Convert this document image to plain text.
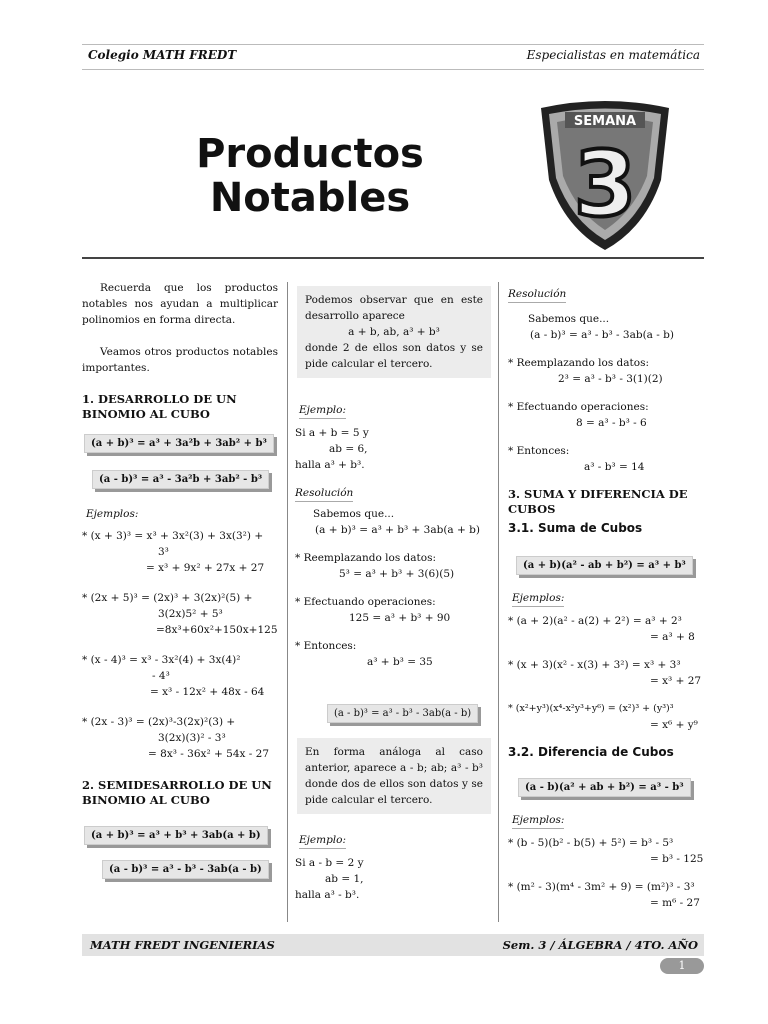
Colegio MATH FREDT	Especialistas en matemática
Productos
Notables
SEMANA
3
Recuerda que los productos notables nos ayudan a multiplicar polinomios en forma directa.
Veamos otros productos notables importantes.
1. DESARROLLO DE UN BINOMIO AL CUBO
(a + b)³ = a³ + 3a²b + 3ab² + b³
(a - b)³ = a³ - 3a²b + 3ab² - b³
Ejemplos:
* (x + 3)³ = x³ + 3x²(3) + 3x(3²) +
3³
= x³ + 9x² + 27x + 27
* (2x + 5)³ = (2x)³ + 3(2x)²(5) +
3(2x)5² + 5³
=8x³+60x²+150x+125
* (x - 4)³ = x³ - 3x²(4) + 3x(4)²
- 4³
= x³ - 12x² + 48x - 64
* (2x - 3)³ = (2x)³-3(2x)²(3) +
3(2x)(3)² - 3³
= 8x³ - 36x² + 54x - 27
2. SEMIDESARROLLO DE UN BINOMIO AL CUBO
(a + b)³ = a³ + b³ + 3ab(a + b)
(a - b)³ = a³ - b³ - 3ab(a - b)
Podemos observar que en este desarrollo aparece
a + b, ab, a³ + b³
donde 2 de ellos son datos y se pide calcular el tercero.
Ejemplo:
Si a + b = 5 y
ab = 6,
halla a³ + b³.
Resolución
Sabemos que...
(a + b)³ = a³ + b³ + 3ab(a + b)
* Reemplazando los datos:
5³ = a³ + b³ + 3(6)(5)
* Efectuando operaciones:
125 = a³ + b³ + 90
* Entonces:
a³ + b³ = 35
(a - b)³ = a³ - b³ - 3ab(a - b)
En forma análoga al caso anterior, aparece a - b; ab; a³ - b³ donde dos de ellos son datos y se pide calcular el tercero.
Ejemplo:
Si a - b = 2 y
ab = 1,
halla a³ - b³.
Resolución
Sabemos que...
(a - b)³ = a³ - b³ - 3ab(a - b)
* Reemplazando los datos:
2³ = a³ - b³ - 3(1)(2)
* Efectuando operaciones:
8 = a³ - b³ - 6
* Entonces:
a³ - b³ = 14
3. SUMA Y DIFERENCIA DE CUBOS
3.1. Suma de Cubos
(a + b)(a² - ab + b²) = a³ + b³
Ejemplos:
* (a + 2)(a² - a(2) + 2²) = a³ + 2³
= a³ + 8
* (x + 3)(x² - x(3) + 3²) = x³ + 3³
= x³ + 27
* (x²+y³)(x⁴-x²y³+y⁶) = (x²)³ + (y³)³
= x⁶ + y⁹
3.2. Diferencia de Cubos
(a - b)(a² + ab + b²) = a³ - b³
Ejemplos:
* (b - 5)(b² - b(5) + 5²) = b³ - 5³
= b³ - 125
* (m² - 3)(m⁴ - 3m² + 9) = (m²)³ - 3³
= m⁶ - 27
MATH FREDT INGENIERIAS	Sem. 3 / ÁLGEBRA / 4TO. AÑO
1
